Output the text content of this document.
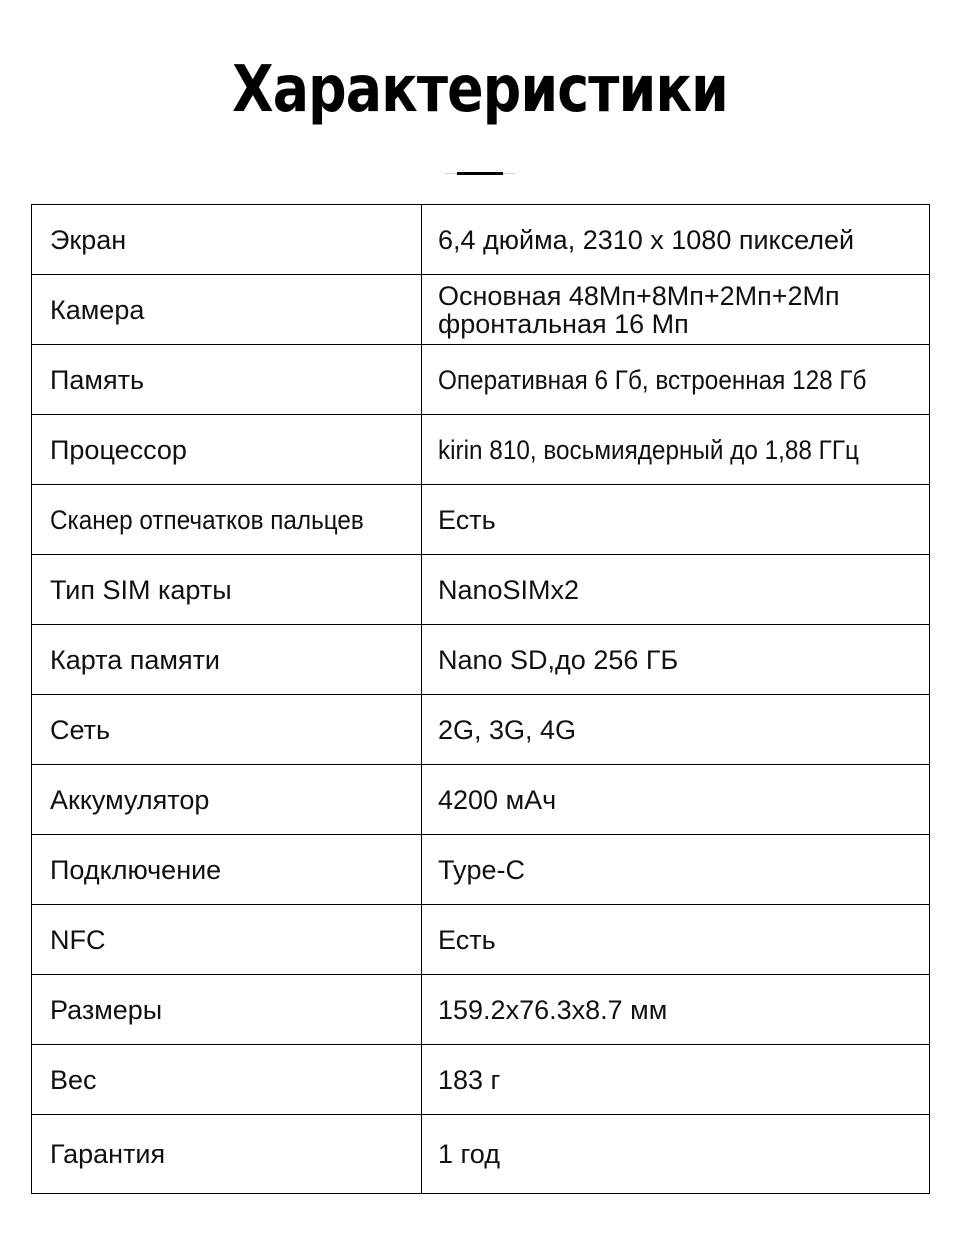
Характеристики
Экран	6,4 дюйма, 2310 x 1080 пикселей
Камера	Основная 48Мп+8Мп+2Мп+2Мп
фронтальная 16 Мп

Память	Оперативная 6 Гб, встроенная 128 Гб
Процессор	kirin 810, восьмиядерный до 1,88 ГГц
Сканер отпечатков пальцев	Есть
Тип SIM карты	NanoSIMx2
Карта памяти	Nano SD,до 256 ГБ
Сеть	2G, 3G, 4G
Аккумулятор	4200 мАч
Подключение	Type-C
NFC	Есть
Размеры	159.2x76.3x8.7 мм
Вес	183 г
Гарантия	1 год
